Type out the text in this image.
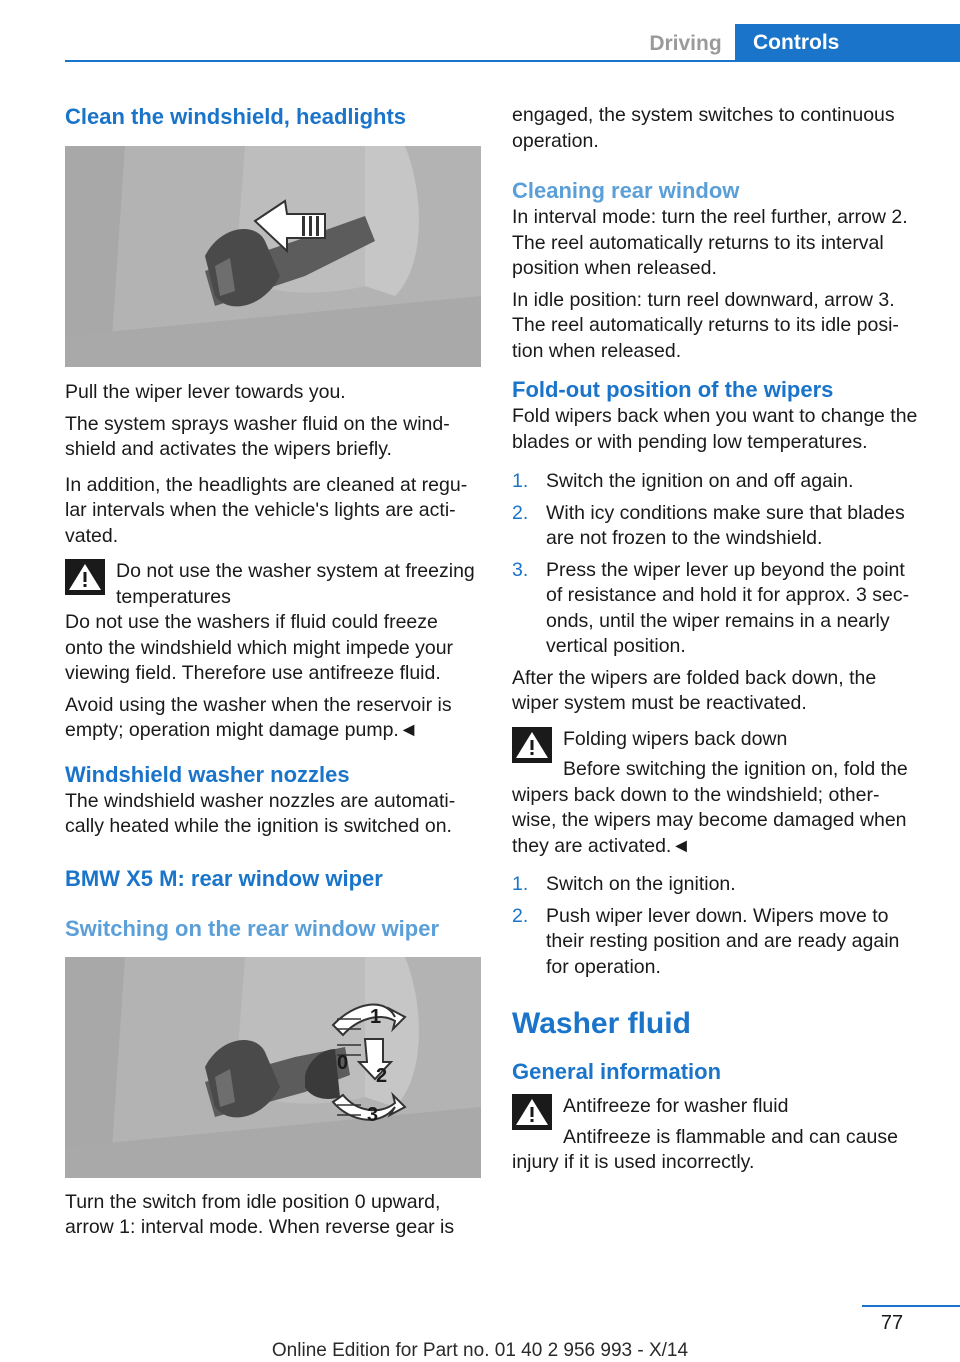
Driving	Controls
Clean the windshield, headlights

Pull the wiper lever towards you.

The system sprays washer fluid on the wind‐

shield and activates the wipers briefly.

In addition, the headlights are cleaned at regu‐

lar intervals when the vehicle's lights are acti‐

vated.

Do not use the washer system at freezing

temperatures

Do not use the washers if fluid could freeze

onto the windshield which might impede your

viewing field. Therefore use antifreeze fluid.

Avoid using the washer when the reservoir is

empty; operation might damage pump.◄

Windshield washer nozzles

The windshield washer nozzles are automati‐

cally heated while the ignition is switched on.

BMW X5 M: rear window wiper
Switching on the rear window wiper
1
0
2
3

Turn the switch from idle position 0 upward,

arrow 1: interval mode. When reverse gear is

engaged, the system switches to continuous

operation.

Cleaning rear window

In interval mode: turn the reel further, arrow 2.

The reel automatically returns to its interval

position when released.

In idle position: turn reel downward, arrow 3.

The reel automatically returns to its idle posi‐

tion when released.

Fold-out position of the wipers

Fold wipers back when you want to change the

blades or with pending low temperatures.

1. Switch the ignition on and off again.
2. With icy conditions make sure that blades
are not frozen to the windshield.
3. Press the wiper lever up beyond the point
of resistance and hold it for approx. 3 sec‐
onds, until the wiper remains in a nearly
vertical position.

After the wipers are folded back down, the

wiper system must be reactivated.

Folding wipers back down

Before switching the ignition on, fold the

wipers back down to the windshield; other‐

wise, the wipers may become damaged when

they are activated.◄

1. Switch on the ignition.
2. Push wiper lever down. Wipers move to
their resting position and are ready again
for operation.
Washer fluid
General information

Antifreeze for washer fluid

Antifreeze is flammable and can cause

injury if it is used incorrectly.

77
Online Edition for Part no. 01 40 2 956 993 - X/14
